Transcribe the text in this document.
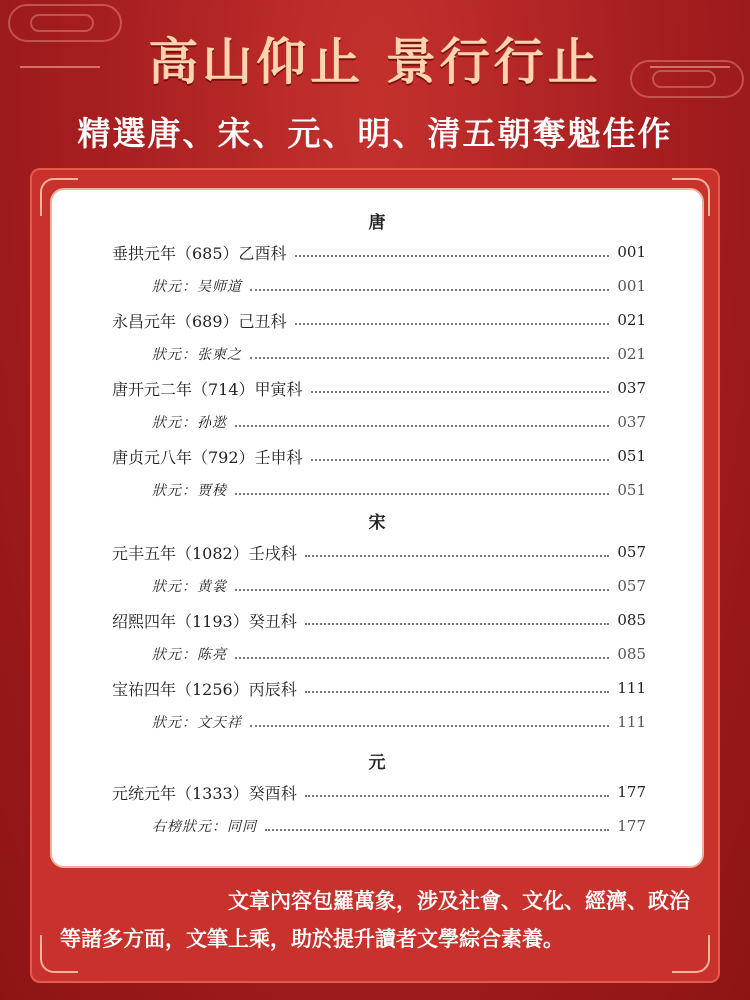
高山仰止 景行行止
精選唐、宋、元、明、清五朝奪魁佳作
唐
垂拱元年（685）乙酉科	001
狀元：吴师道	001
永昌元年（689）己丑科	021
狀元：张柬之	021
唐开元二年（714）甲寅科	037
狀元：孙逖	037
唐贞元八年（792）壬申科	051
狀元：贾稜	051
宋
元丰五年（1082）壬戌科	057
狀元：黄裳	057
绍熙四年（1193）癸丑科	085
狀元：陈亮	085
宝祐四年（1256）丙辰科	111
狀元：文天祥	111
元
元统元年（1333）癸酉科	177
右榜狀元：同同	177
文章內容包羅萬象，涉及社會、文化、經濟、政治
等諸多方面，文筆上乘，助於提升讀者文學綜合素養。
